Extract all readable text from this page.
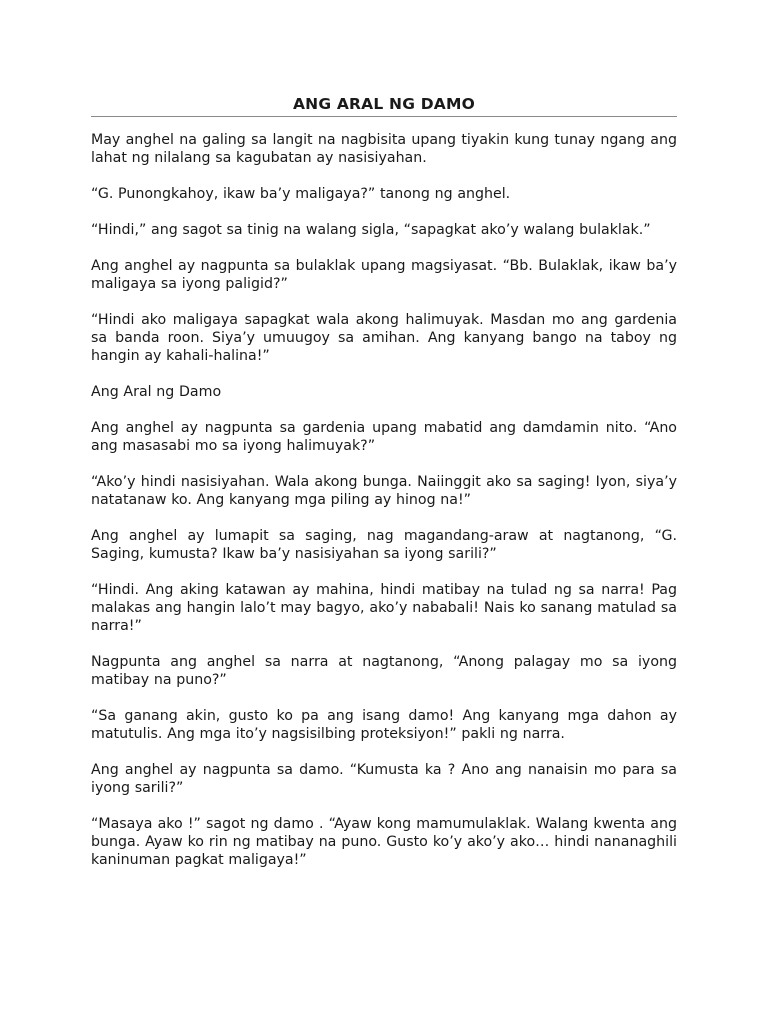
ANG ARAL NG DAMO

May anghel na galing sa langit na nagbisita upang tiyakin kung tunay ngang ang lahat ng nilalang sa kagubatan ay nasisiyahan.

“G. Punongkahoy, ikaw ba’y maligaya?” tanong ng anghel.

“Hindi,” ang sagot sa tinig na walang sigla, “sapagkat ako’y walang bulaklak.”

Ang anghel ay nagpunta sa bulaklak upang magsiyasat. “Bb. Bulaklak, ikaw ba’y maligaya sa iyong paligid?”

“Hindi ako maligaya sapagkat wala akong halimuyak. Masdan mo ang gardenia sa banda roon. Siya’y umuugoy sa amihan. Ang kanyang bango na taboy ng hangin ay kahali-halina!”

Ang Aral ng Damo

Ang anghel ay nagpunta sa gardenia upang mabatid ang damdamin nito. “Ano ang masasabi mo sa iyong halimuyak?”

“Ako’y hindi nasisiyahan. Wala akong bunga. Naiinggit ako sa saging! Iyon, siya’y natatanaw ko. Ang kanyang mga piling ay hinog na!”

Ang anghel ay lumapit sa saging, nag magandang-araw at nagtanong, “G. Saging, kumusta? Ikaw ba’y nasisiyahan sa iyong sarili?”

“Hindi. Ang aking katawan ay mahina, hindi matibay na tulad ng sa narra! Pag malakas ang hangin lalo’t may bagyo, ako’y nababali! Nais ko sanang matulad sa narra!”

Nagpunta ang anghel sa narra at nagtanong, “Anong palagay mo sa iyong matibay na puno?”

“Sa ganang akin, gusto ko pa ang isang damo! Ang kanyang mga dahon ay matutulis. Ang mga ito’y nagsisilbing proteksiyon!” pakli ng narra.

Ang anghel ay nagpunta sa damo. “Kumusta ka ? Ano ang nanaisin mo para sa iyong sarili?”

“Masaya ako !” sagot ng damo . “Ayaw kong mamumulaklak. Walang kwenta ang bunga. Ayaw ko rin ng matibay na puno. Gusto ko’y ako’y ako… hindi nananaghili kaninuman pagkat maligaya!”
